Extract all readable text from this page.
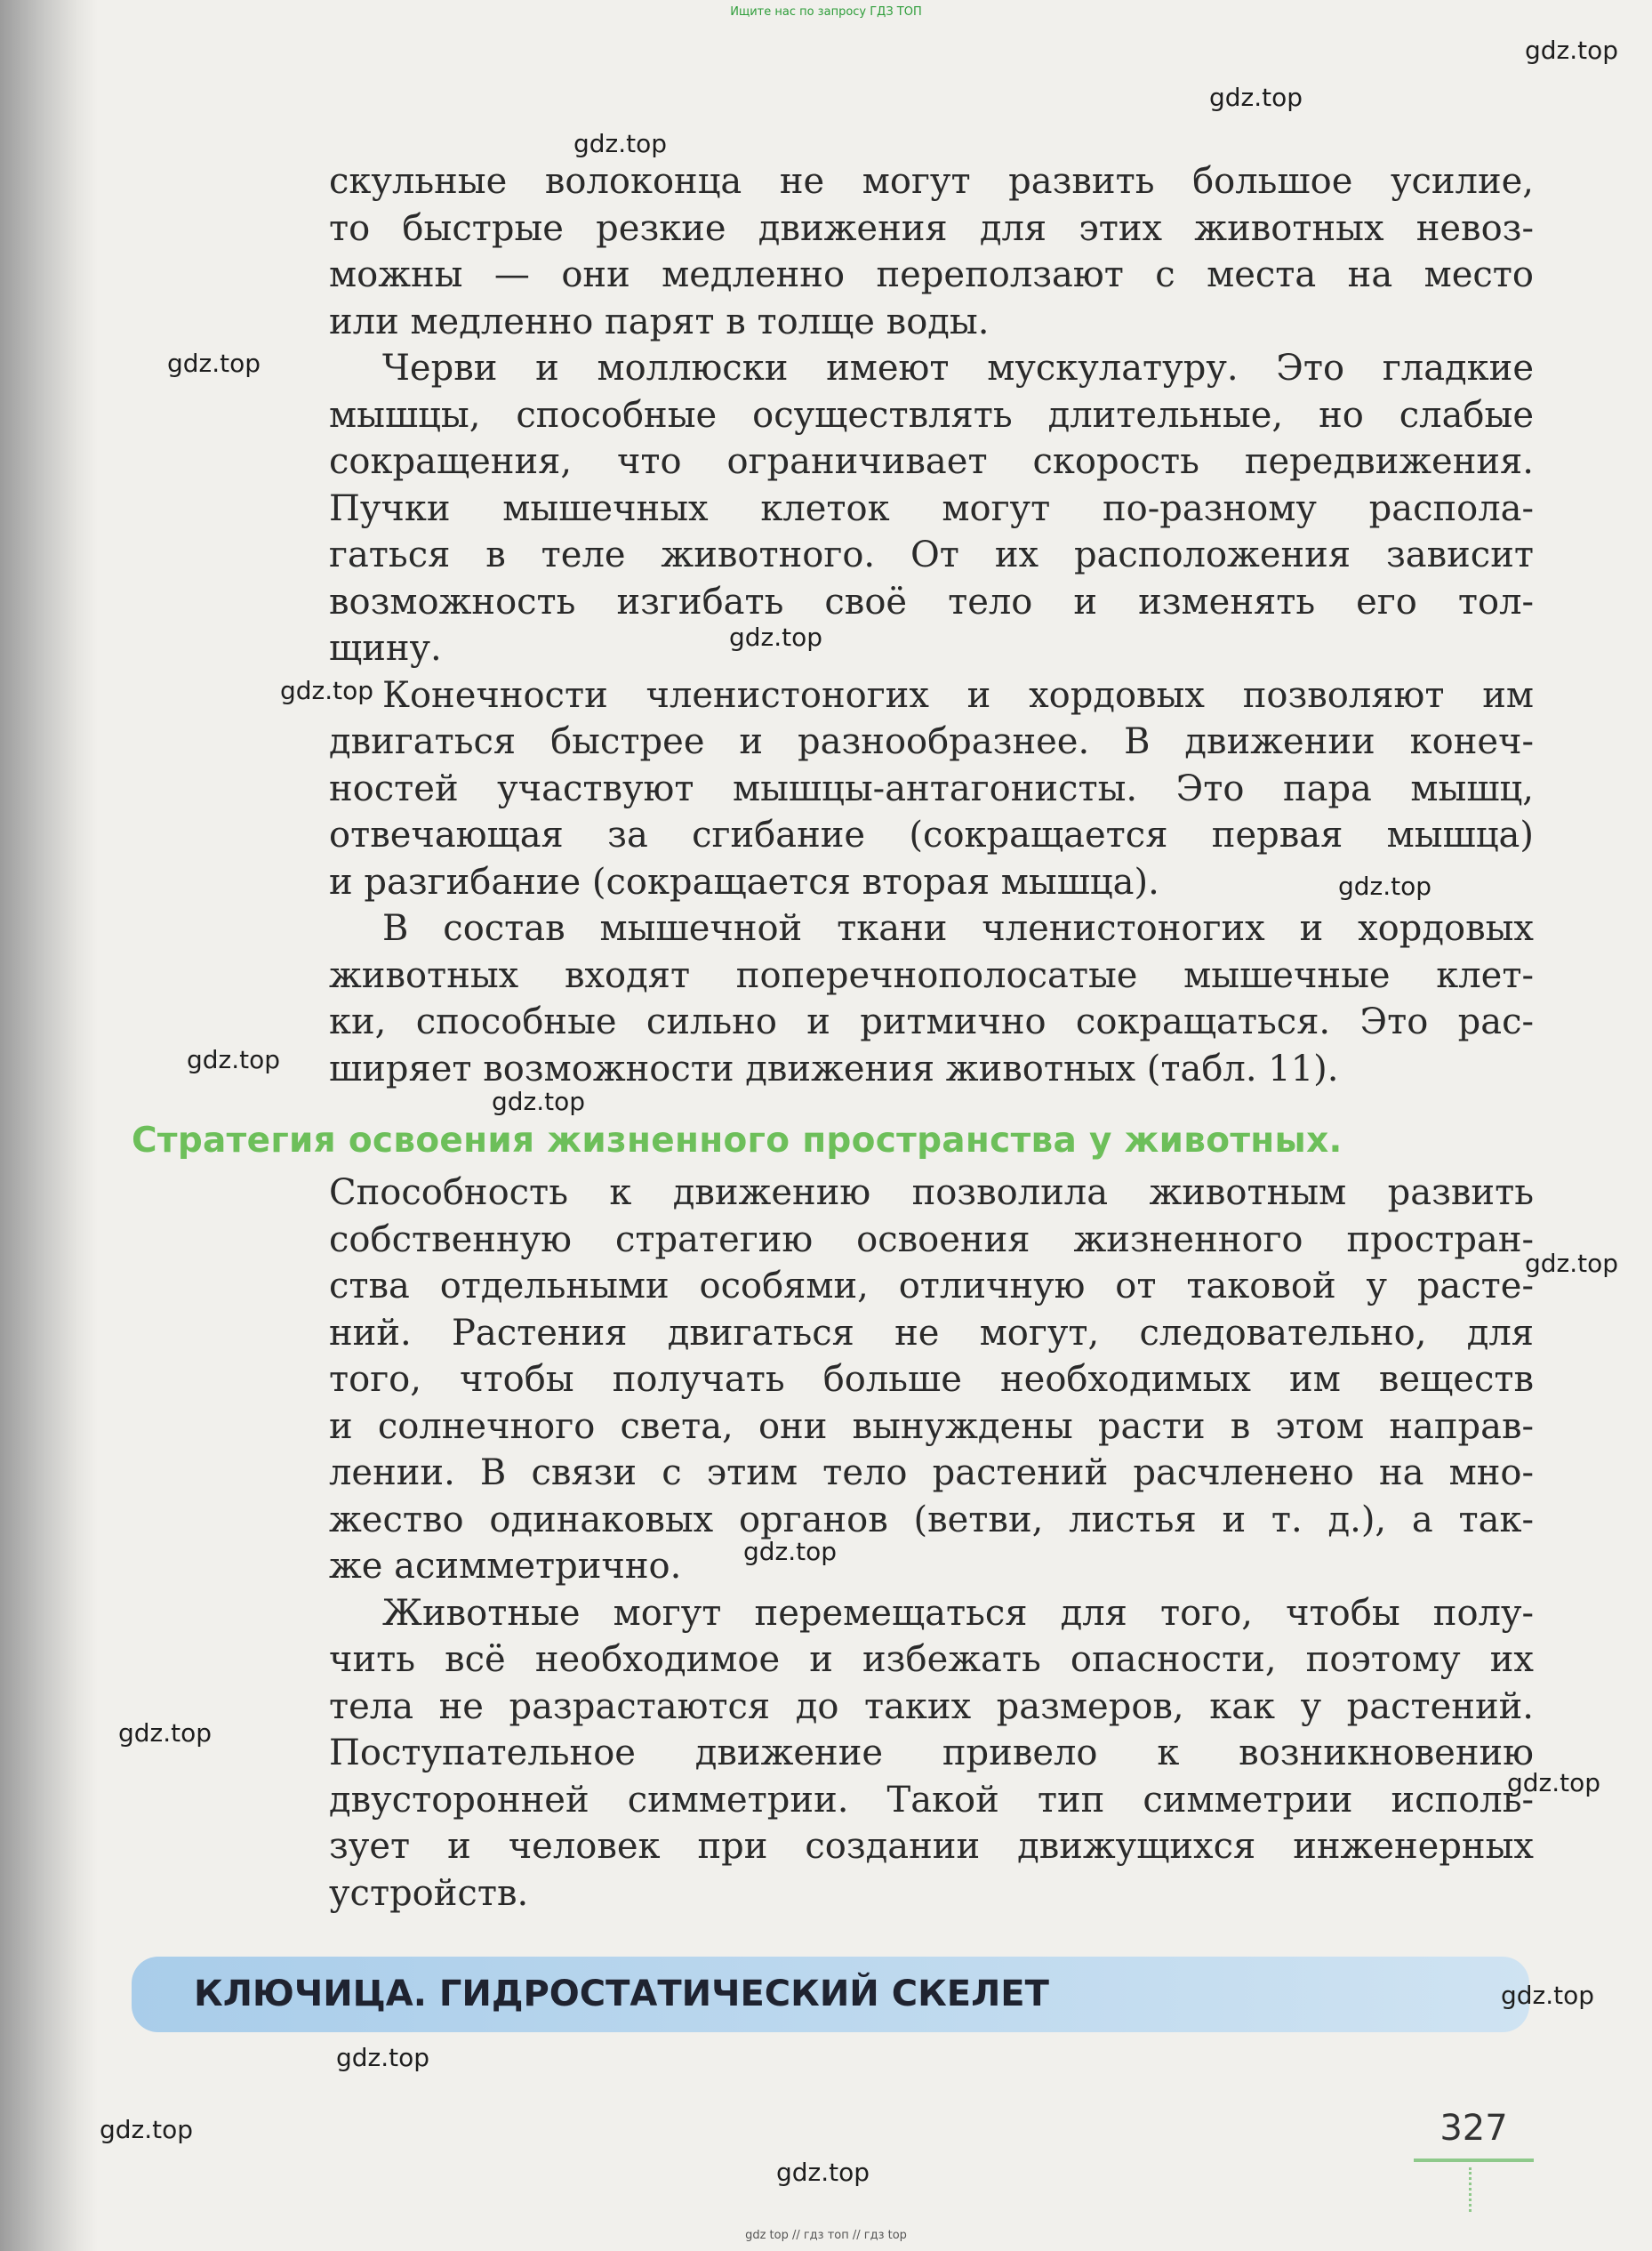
Ищите нас по запросу ГДЗ ТОП
скульные волоконца не могут развить большое усилие,
то быстрые резкие движения для этих животных невоз-
можны — они медленно переползают с места на место
или медленно парят в толще воды.
Черви и моллюски имеют мускулатуру. Это гладкие
мышцы, способные осуществлять длительные, но слабые
сокращения, что ограничивает скорость передвижения.
Пучки мышечных клеток могут по-разному распола-
гаться в теле животного. От их расположения зависит
возможность изгибать своё тело и изменять его тол-
щину.
Конечности членистоногих и хордовых позволяют им
двигаться быстрее и разнообразнее. В движении конеч-
ностей участвуют мышцы-антагонисты. Это пара мышц,
отвечающая за сгибание (сокращается первая мышца)
и разгибание (сокращается вторая мышца).
В состав мышечной ткани членистоногих и хордовых
животных входят поперечнополосатые мышечные клет-
ки, способные сильно и ритмично сокращаться. Это рас-
ширяет возможности движения животных (табл. 11).
Стратегия освоения жизненного пространства у животных.
Способность к движению позволила животным развить
собственную стратегию освоения жизненного простран-
ства отдельными особями, отличную от таковой у расте-
ний. Растения двигаться не могут, следовательно, для
того, чтобы получать больше необходимых им веществ
и солнечного света, они вынуждены расти в этом направ-
лении. В связи с этим тело растений расчленено на мно-
жество одинаковых органов (ветви, листья и т. д.), а так-
же асимметрично.
Животные могут перемещаться для того, чтобы полу-
чить всё необходимое и избежать опасности, поэтому их
тела не разрастаются до таких размеров, как у растений.
Поступательное движение привело к возникновению
двусторонней симметрии. Такой тип симметрии исполь-
зует и человек при создании движущихся инженерных
устройств.
КЛЮЧИЦА. ГИДРОСТАТИЧЕСКИЙ СКЕЛЕТ
327
gdz.top
gdz.top
gdz.top
gdz.top
gdz.top
gdz.top
gdz.top
gdz.top
gdz.top
gdz.top
gdz.top
gdz.top
gdz.top
gdz.top
gdz.top
gdz.top
gdz.top
gdz top // гдз топ // гдз top
